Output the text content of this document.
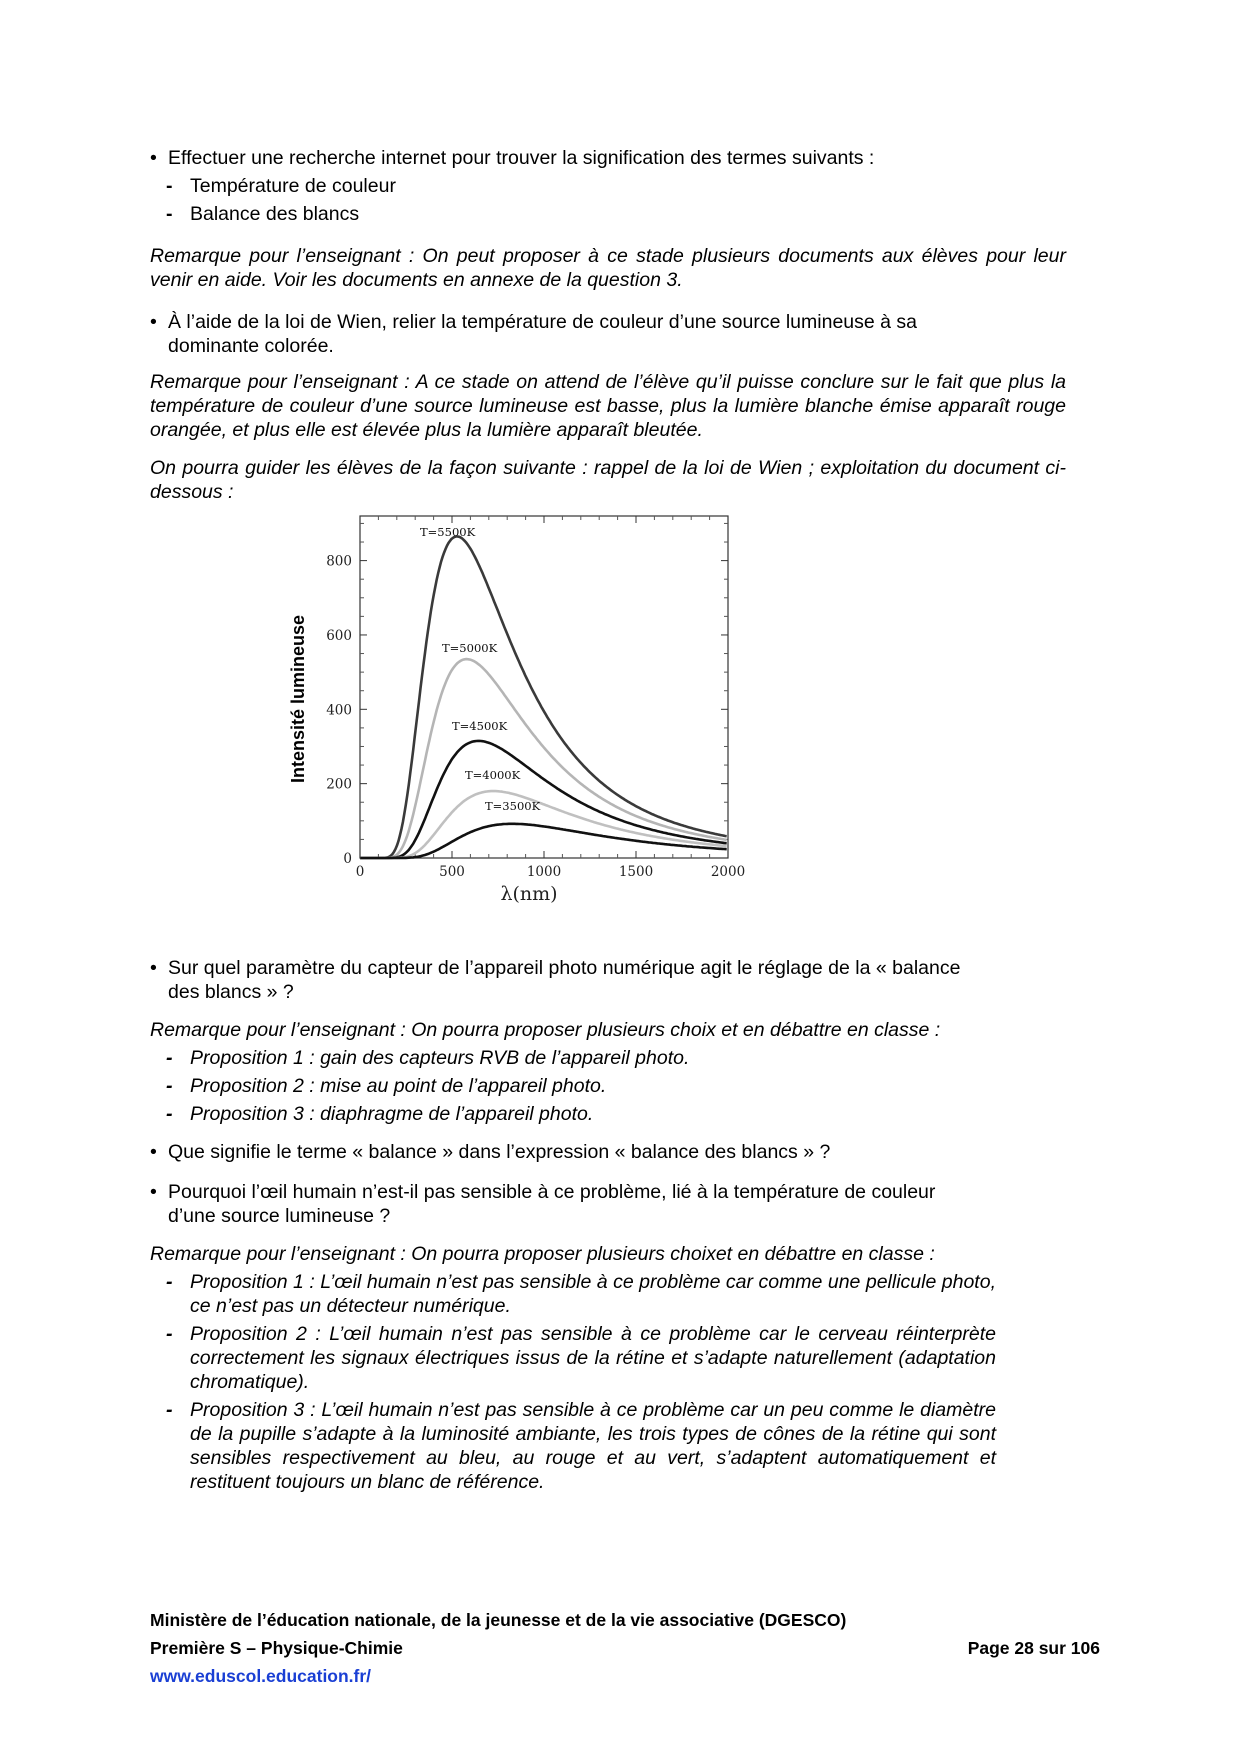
• Effectuer une recherche internet pour trouver la signification des termes suivants :
- Température de couleur
- Balance des blancs
Remarque pour l’enseignant : On peut proposer à ce stade plusieurs documents aux élèves pour leur venir en aide. Voir les documents en annexe de la question 3.
• À l’aide de la loi de Wien, relier la température de couleur d’une source lumineuse à sa
dominante colorée.
Remarque pour l’enseignant : A ce stade on attend de l’élève qu’il puisse conclure sur le fait que plus la température de couleur d’une source lumineuse est basse, plus la lumière blanche émise apparaît rouge orangée, et plus elle est élevée plus la lumière apparaît bleutée.
On pourra guider les élèves de la façon suivante : rappel de la loi de Wien ; exploitation du document ci-dessous :
0	500	1000	1500	2000
0
200
400
600
800
λ(nm)
Intensité lumineuse
T=5500K
T=5000K
T=4500K
T=4000K
T=3500K
• Sur quel paramètre du capteur de l’appareil photo numérique agit le réglage de la « balance
des blancs » ?
Remarque pour l’enseignant : On pourra proposer plusieurs choix et en débattre en classe :
- Proposition 1 : gain des capteurs RVB de l’appareil photo.
- Proposition 2 : mise au point de l’appareil photo.
- Proposition 3 : diaphragme de l’appareil photo.
• Que signifie le terme « balance » dans l’expression « balance des blancs » ?
• Pourquoi l’œil humain n’est-il pas sensible à ce problème, lié à la température de couleur
d’une source lumineuse ?
Remarque pour l’enseignant : On pourra proposer plusieurs choixet en débattre en classe :
- Proposition 1 : L’œil humain n’est pas sensible à ce problème car comme une pellicule photo, ce n’est pas un détecteur numérique.
- Proposition 2 : L’œil humain n’est pas sensible à ce problème car le cerveau réinterprète correctement les signaux électriques issus de la rétine et s’adapte naturellement (adaptation chromatique).
- Proposition 3 : L’œil humain n’est pas sensible à ce problème car un peu comme le diamètre de la pupille s’adapte à la luminosité ambiante, les trois types de cônes de la rétine qui sont sensibles respectivement au bleu, au rouge et au vert, s’adaptent automatiquement et restituent toujours un blanc de référence.
Ministère de l’éducation nationale, de la jeunesse et de la vie associative (DGESCO)
Première S – Physique-Chimie	Page 28 sur 106
www.eduscol.education.fr/
